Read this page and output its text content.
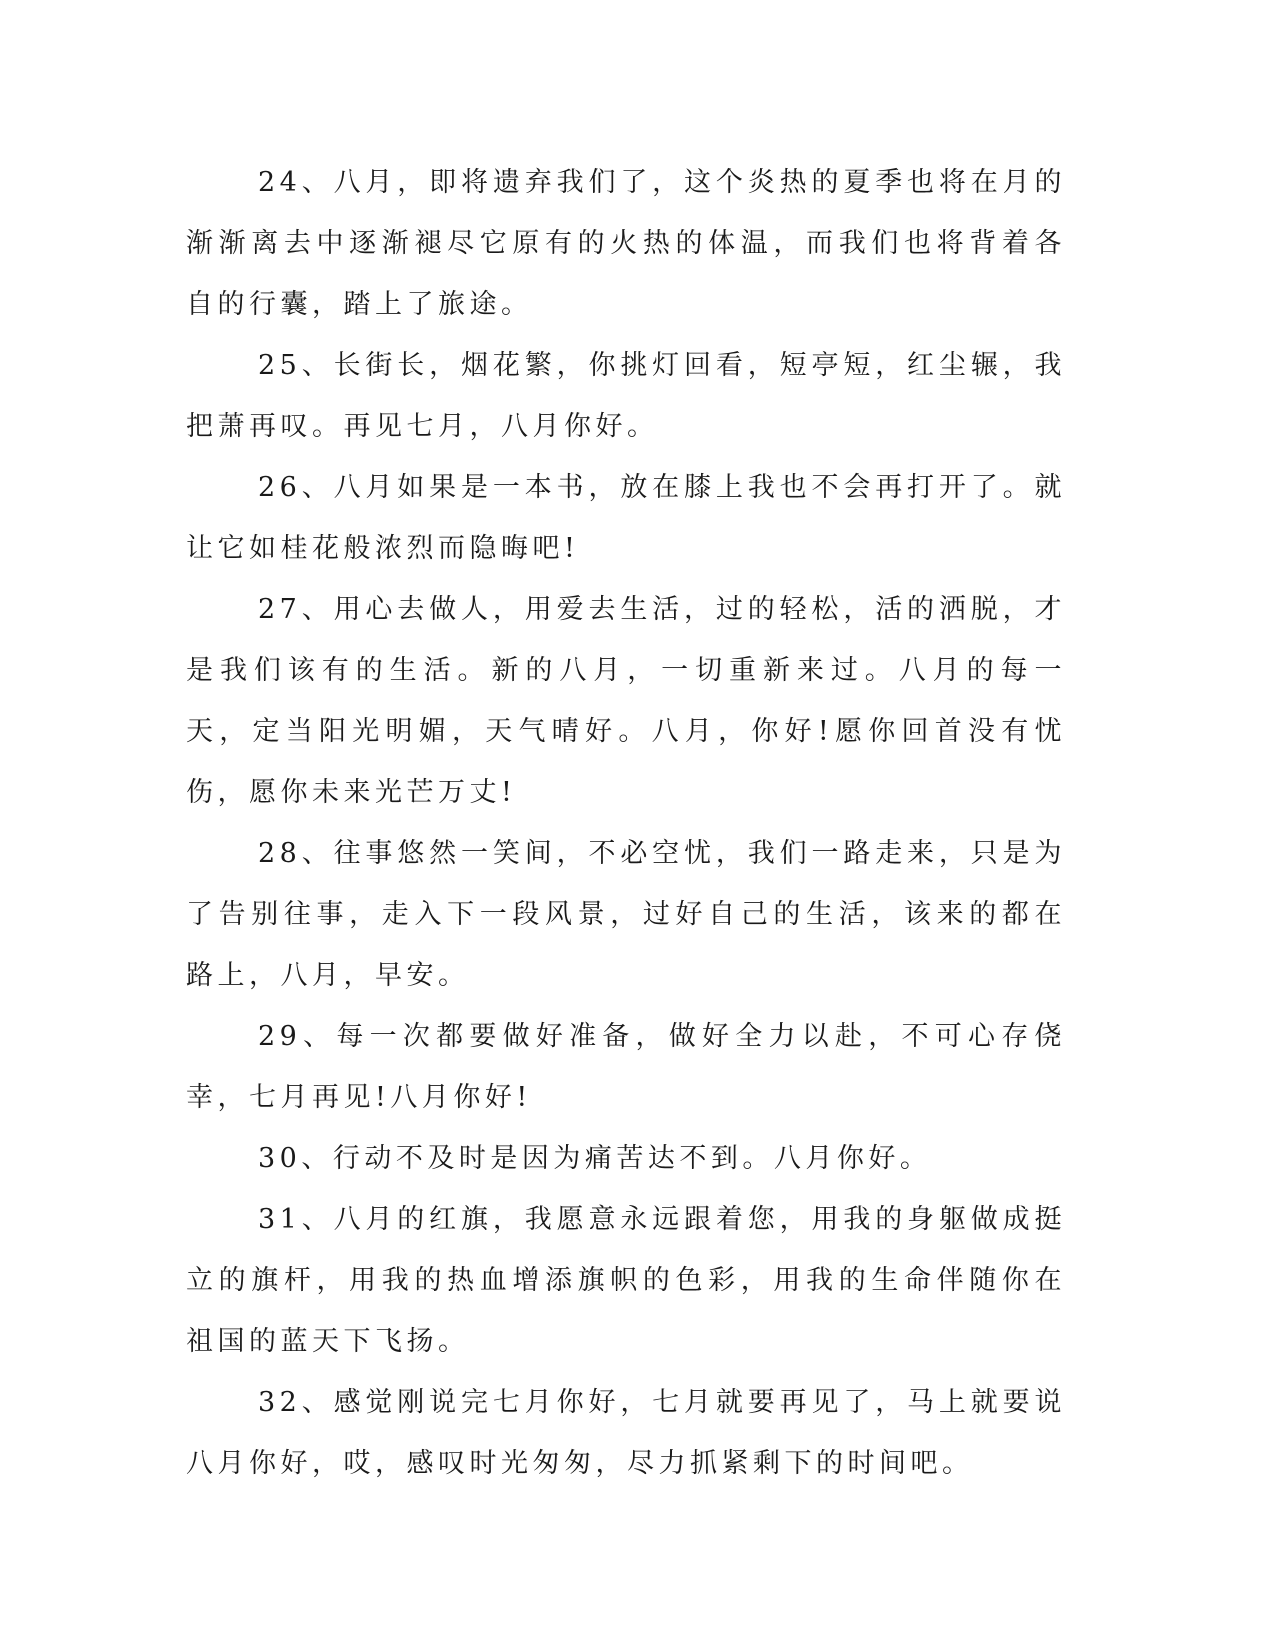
24、八月，即将遗弃我们了，这个炎热的夏季也将在月的渐渐离去中逐渐褪尽它原有的火热的体温，而我们也将背着各自的行囊，踏上了旅途。

25、长街长，烟花繁，你挑灯回看，短亭短，红尘辗，我把萧再叹。再见七月，八月你好。

26、八月如果是一本书，放在膝上我也不会再打开了。就让它如桂花般浓烈而隐晦吧!

27、用心去做人，用爱去生活，过的轻松，活的洒脱，才是我们该有的生活。新的八月，一切重新来过。八月的每一天，定当阳光明媚，天气晴好。八月，你好!愿你回首没有忧伤，愿你未来光芒万丈!

28、往事悠然一笑间，不必空忧，我们一路走来，只是为了告别往事，走入下一段风景，过好自己的生活，该来的都在路上，八月，早安。

29、每一次都要做好准备，做好全力以赴，不可心存侥幸，七月再见!八月你好!

30、行动不及时是因为痛苦达不到。八月你好。

31、八月的红旗，我愿意永远跟着您，用我的身躯做成挺立的旗杆，用我的热血增添旗帜的色彩，用我的生命伴随你在祖国的蓝天下飞扬。

32、感觉刚说完七月你好，七月就要再见了，马上就要说八月你好，哎，感叹时光匆匆，尽力抓紧剩下的时间吧。
